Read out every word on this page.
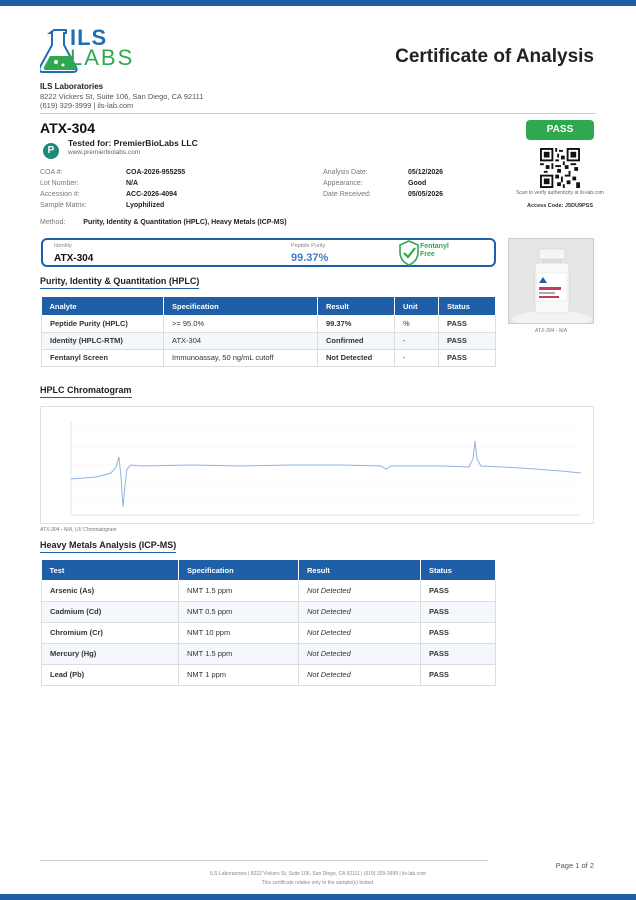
ILS
LABS	Certificate of Analysis
ILS Laboratories
8222 Vickers St, Suite 106, San Diego, CA 92111
(619) 329-3999 | ils-lab.com
ATX-304
P
Tested for: PremierBioLabs LLC
www.premierbiolabs.com
PASS
Scan to verify authenticity at ils-lab.com
Access Code: J5DU9PSS
COA #:	COA-2026-955255
Lot Number:	N/A
Accession #:	ACC-2026-4094
Sample Matrix:	Lyophilized
Analysis Date:	05/12/2026
Appearance:	Good
Date Received:	05/05/2026
Method:	Purity, Identity & Quantitation (HPLC), Heavy Metals (ICP-MS)
Identity
ATX-304
Peptide Purity
99.37%
Fentanyl
Free
ATX-304 - N/A
Purity, Identity & Quantitation (HPLC)
Analyte	Specification	Result	Unit	Status
Peptide Purity (HPLC)	>= 95.0%	99.37%	%	PASS
Identity (HPLC-RTM)	ATX-304	Confirmed	-	PASS
Fentanyl Screen	Immunoassay, 50 ng/mL cutoff	Not Detected	-	PASS
HPLC Chromatogram
ATX-304 - N/A, UV Chromatogram
Heavy Metals Analysis (ICP-MS)
Test	Specification	Result	Status
Arsenic (As)	NMT 1.5 ppm	Not Detected	PASS
Cadmium (Cd)	NMT 0.5 ppm	Not Detected	PASS
Chromium (Cr)	NMT 10 ppm	Not Detected	PASS
Mercury (Hg)	NMT 1.5 ppm	Not Detected	PASS
Lead (Pb)	NMT 1 ppm	Not Detected	PASS
Page 1 of 2
ILS Laboratories | 8222 Vickers St, Suite 106, San Diego, CA 92111 | (619) 329-3999 | ils-lab.com
This certificate relates only to the sample(s) tested.
